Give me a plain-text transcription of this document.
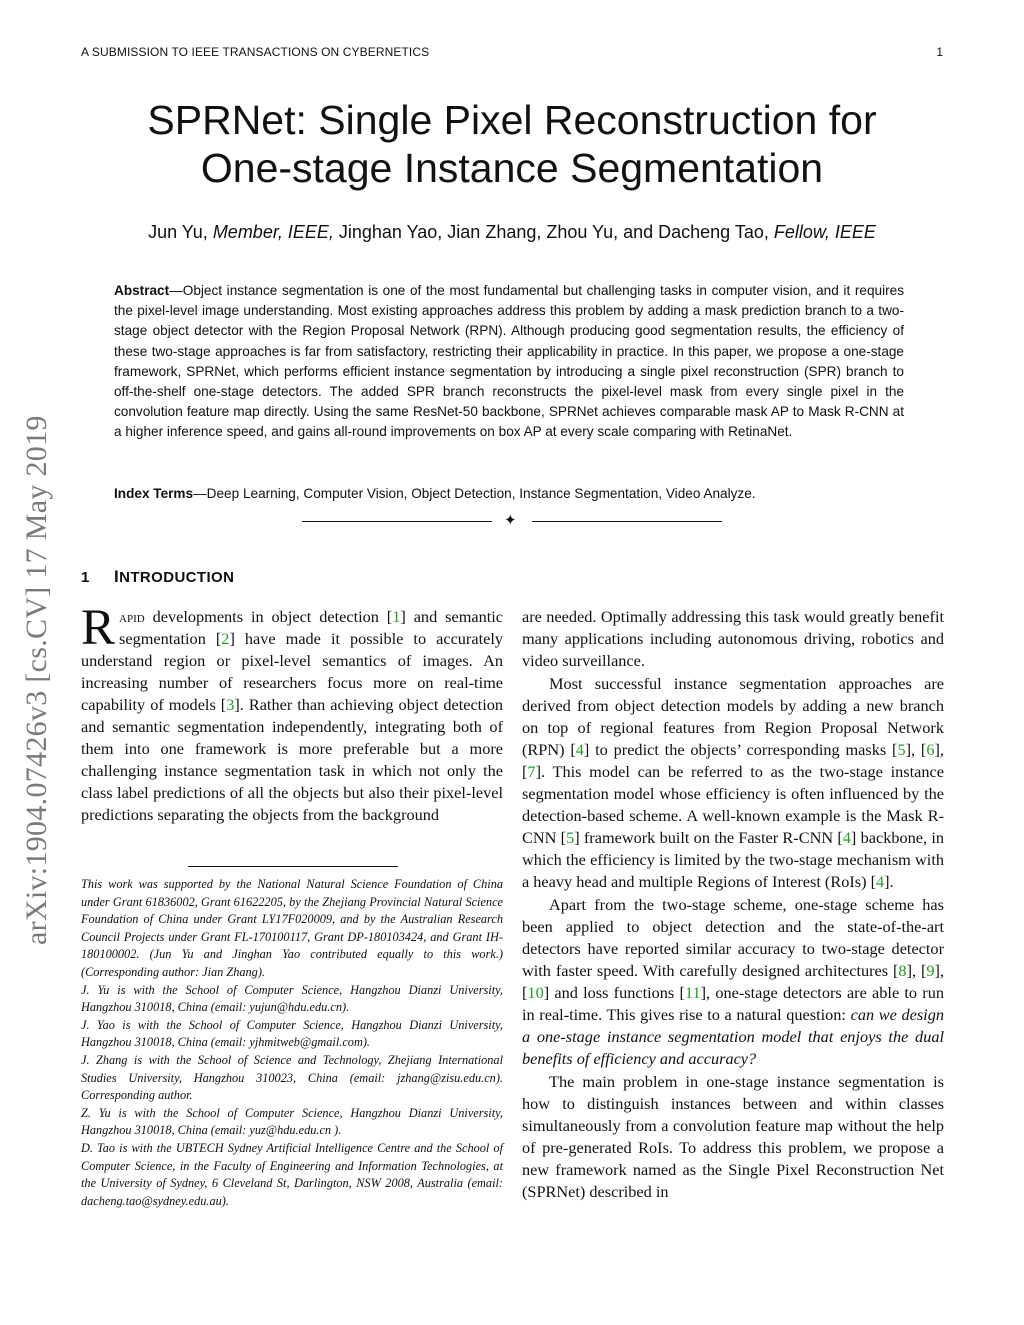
A SUBMISSION TO IEEE TRANSACTIONS ON CYBERNETICS	1
arXiv:1904.07426v3 [cs.CV] 17 May 2019
SPRNet: Single Pixel Reconstruction for
One-stage Instance Segmentation
Jun Yu, Member, IEEE, Jinghan Yao, Jian Zhang, Zhou Yu, and Dacheng Tao, Fellow, IEEE
Abstract—Object instance segmentation is one of the most fundamental but challenging tasks in computer vision, and it requires the pixel-level image understanding. Most existing approaches address this problem by adding a mask prediction branch to a two-stage object detector with the Region Proposal Network (RPN). Although producing good segmentation results, the efficiency of these two-stage approaches is far from satisfactory, restricting their applicability in practice. In this paper, we propose a one-stage framework, SPRNet, which performs efficient instance segmentation by introducing a single pixel reconstruction (SPR) branch to off-the-shelf one-stage detectors. The added SPR branch reconstructs the pixel-level mask from every single pixel in the convolution feature map directly. Using the same ResNet-50 backbone, SPRNet achieves comparable mask AP to Mask R-CNN at a higher inference speed, and gains all-round improvements on box AP at every scale comparing with RetinaNet.
Index Terms—Deep Learning, Computer Vision, Object Detection, Instance Segmentation, Video Analyze.
✦
1 INTRODUCTION

Rapid developments in object detection [1] and semantic segmentation [2] have made it possible to accurately understand region or pixel-level semantics of images. An increasing number of researchers focus more on real-time capability of models [3]. Rather than achieving object detection and semantic segmentation independently, integrating both of them into one framework is more preferable but a more challenging instance segmentation task in which not only the class label predictions of all the objects but also their pixel-level predictions separating the objects from the background

This work was supported by the National Natural Science Foundation of China under Grant 61836002, Grant 61622205, by the Zhejiang Provincial Natural Science Foundation of China under Grant LY17F020009, and by the Australian Research Council Projects under Grant FL-170100117, Grant DP-180103424, and Grant IH-180100002. (Jun Yu and Jinghan Yao contributed equally to this work.) (Corresponding author: Jian Zhang).

J. Yu is with the School of Computer Science, Hangzhou Dianzi University, Hangzhou 310018, China (email: yujun@hdu.edu.cn).

J. Yao is with the School of Computer Science, Hangzhou Dianzi University, Hangzhou 310018, China (email: yjhmitweb@gmail.com).

J. Zhang is with the School of Science and Technology, Zhejiang International Studies University, Hangzhou 310023, China (email: jzhang@zisu.edu.cn). Corresponding author.

Z. Yu is with the School of Computer Science, Hangzhou Dianzi University, Hangzhou 310018, China (email: yuz@hdu.edu.cn ).

D. Tao is with the UBTECH Sydney Artificial Intelligence Centre and the School of Computer Science, in the Faculty of Engineering and Information Technologies, at the University of Sydney, 6 Cleveland St, Darlington, NSW 2008, Australia (email: dacheng.tao@sydney.edu.au).

are needed. Optimally addressing this task would greatly benefit many applications including autonomous driving, robotics and video surveillance.

Most successful instance segmentation approaches are derived from object detection models by adding a new branch on top of regional features from Region Proposal Network (RPN) [4] to predict the objects’ corresponding masks [5], [6], [7]. This model can be referred to as the two-stage instance segmentation model whose efficiency is often influenced by the detection-based scheme. A well-known example is the Mask R-CNN [5] framework built on the Faster R-CNN [4] backbone, in which the efficiency is limited by the two-stage mechanism with a heavy head and multiple Regions of Interest (RoIs) [4].

Apart from the two-stage scheme, one-stage scheme has been applied to object detection and the state-of-the-art detectors have reported similar accuracy to two-stage detector with faster speed. With carefully designed architectures [8], [9], [10] and loss functions [11], one-stage detectors are able to run in real-time. This gives rise to a natural question: can we design a one-stage instance segmentation model that enjoys the dual benefits of efficiency and accuracy?

The main problem in one-stage instance segmentation is how to distinguish instances between and within classes simultaneously from a convolution feature map without the help of pre-generated RoIs. To address this problem, we propose a new framework named as the Single Pixel Reconstruction Net (SPRNet) described in
